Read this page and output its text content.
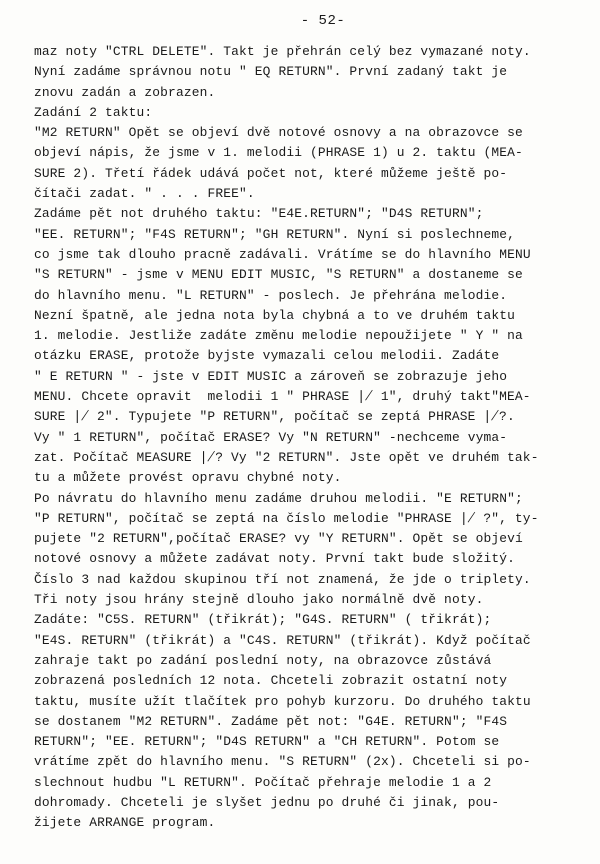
- 52-
maz noty "CTRL DELETE". Takt je přehrán celý bez vymazané noty.
Nyní zadáme správnou notu " EQ RETURN". První zadaný takt je
znovu zadán a zobrazen.
Zadání 2 taktu:
"M2 RETURN" Opět se objeví dvě notové osnovy a na obrazovce se
objeví nápis, že jsme v 1. melodii (PHRASE 1) u 2. taktu (MEA-
SURE 2). Třetí řádek udává počet not, které můžeme ještě po-
čítači zadat. " . . . FREE".
Zadáme pět not druhého taktu: "E4E.RETURN"; "D4S RETURN";
"EE. RETURN"; "F4S RETURN"; "GH RETURN". Nyní si poslechneme,
co jsme tak dlouho pracně zadávali. Vrátíme se do hlavního MENU
"S RETURN" - jsme v MENU EDIT MUSIC, "S RETURN" a dostaneme se
do hlavního menu. "L RETURN" - poslech. Je přehrána melodie.
Nezní špatně, ale jedna nota byla chybná a to ve druhém taktu
1. melodie. Jestliže zadáte změnu melodie nepoužijete " Y " na
otázku ERASE, protože byjste vymazali celou melodii. Zadáte
" E RETURN " - jste v EDIT MUSIC a zároveň se zobrazuje jeho
MENU. Chcete opravit  melodii 1 " PHRASE ∤ 1", druhý takt"MEA-
SURE ∤ 2". Typujete "P RETURN", počítač se zeptá PHRASE ∤?.
Vy " 1 RETURN", počítač ERASE? Vy "N RETURN" -nechceme vyma-
zat. Počítač MEASURE ∤? Vy "2 RETURN". Jste opět ve druhém tak-
tu a můžete provést opravu chybné noty.
Po návratu do hlavního menu zadáme druhou melodii. "E RETURN";
"P RETURN", počítač se zeptá na číslo melodie "PHRASE ∤ ?", ty-
pujete "2 RETURN",počítač ERASE? vy "Y RETURN". Opět se objeví
notové osnovy a můžete zadávat noty. První takt bude složitý.
Číslo 3 nad každou skupinou tří not znamená, že jde o triplety.
Tři noty jsou hrány stejně dlouho jako normálně dvě noty.
Zadáte: "C5S. RETURN" (třikrát); "G4S. RETURN" ( třikrát);
"E4S. RETURN" (třikrát) a "C4S. RETURN" (třikrát). Když počítač
zahraje takt po zadání poslední noty, na obrazovce zůstává
zobrazená posledních 12 nota. Chceteli zobrazit ostatní noty
taktu, musíte užít tlačítek pro pohyb kurzoru. Do druhého taktu
se dostanem "M2 RETURN". Zadáme pět not: "G4E. RETURN"; "F4S
RETURN"; "EE. RETURN"; "D4S RETURN" a "CH RETURN". Potom se
vrátíme zpět do hlavního menu. "S RETURN" (2x). Chceteli si po-
slechnout hudbu "L RETURN". Počítač přehraje melodie 1 a 2
dohromady. Chceteli je slyšet jednu po druhé či jinak, pou-
žijete ARRANGE program.
